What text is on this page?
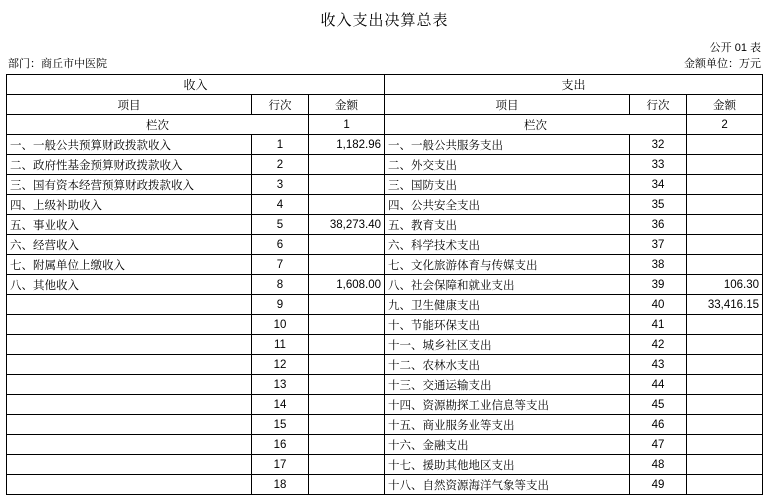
收入支出决算总表
公开 01 表
部门：商丘市中医院	金额单位：万元
收入			支出		
项目	行次	金额	项目	行次	金额
栏次		1	栏次		2
一、一般公共预算财政拨款收入	1	1,182.96	一、一般公共服务支出	32	
二、政府性基金预算财政拨款收入	2		二、外交支出	33	
三、国有资本经营预算财政拨款收入	3		三、国防支出	34	
四、上级补助收入	4		四、公共安全支出	35	
五、事业收入	5	38,273.40	五、教育支出	36	
六、经营收入	6		六、科学技术支出	37	
七、附属单位上缴收入	7		七、文化旅游体育与传媒支出	38	
八、其他收入	8	1,608.00	八、社会保障和就业支出	39	106.30
	9		九、卫生健康支出	40	33,416.15
	10		十、节能环保支出	41	
	11		十一、城乡社区支出	42	
	12		十二、农林水支出	43	
	13		十三、交通运输支出	44	
	14		十四、资源勘探工业信息等支出	45	
	15		十五、商业服务业等支出	46	
	16		十六、金融支出	47	
	17		十七、援助其他地区支出	48	
	18		十八、自然资源海洋气象等支出	49	
